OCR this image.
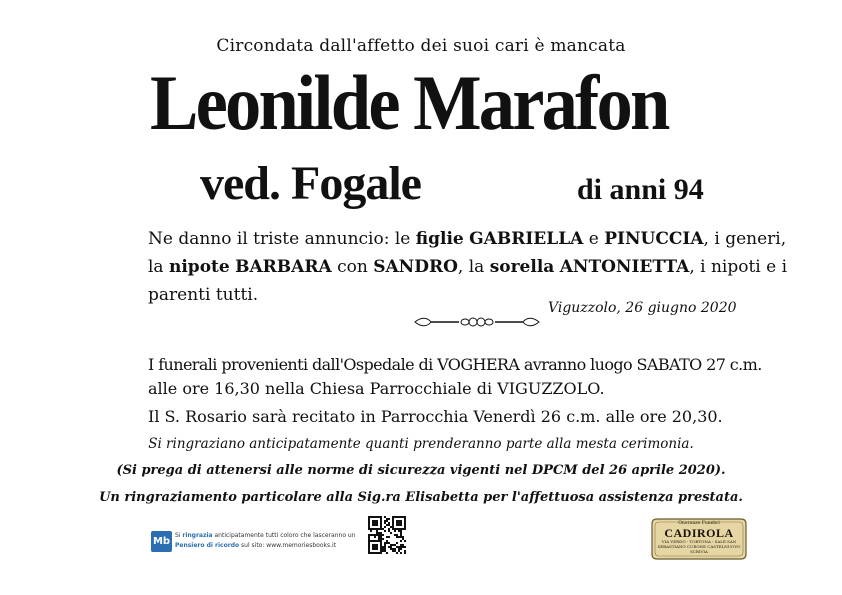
Circondata dall'affetto dei suoi cari è mancata
Leonilde Marafon
ved. Fogale	di anni 94
Ne danno il triste annuncio: le figlie GABRIELLA e PINUCCIA, i generi, la nipote BARBARA con SANDRO, la sorella ANTONIETTA, i nipoti e i parenti tutti.
Viguzzolo, 26 giugno 2020
I funerali provenienti dall'Ospedale di VOGHERA avranno luogo SABATO 27 c.m.
alle ore 16,30 nella Chiesa Parrocchiale di VIGUZZOLO.
Il S. Rosario sarà recitato in Parrocchia Venerdì 26 c.m. alle ore 20,30.
Si ringraziano anticipatamente quanti prenderanno parte alla mesta cerimonia.
(Si prega di attenersi alle norme di sicurezza vigenti nel DPCM del 26 aprile 2020).
Un ringraziamento particolare alla Sig.ra Elisabetta per l'affettuosa assistenza prestata.
Mb
Si ringrazia anticipatamente tutti coloro che lasceranno un
Pensiero di ricordo sul sito: www.memoriesbooks.it
Onoranze Funebri
CADIROLA
VIA VERDO - TORTONA - SALE SAN SEBASTIANO CURONE CASTELNUOVO SCRIVIA
